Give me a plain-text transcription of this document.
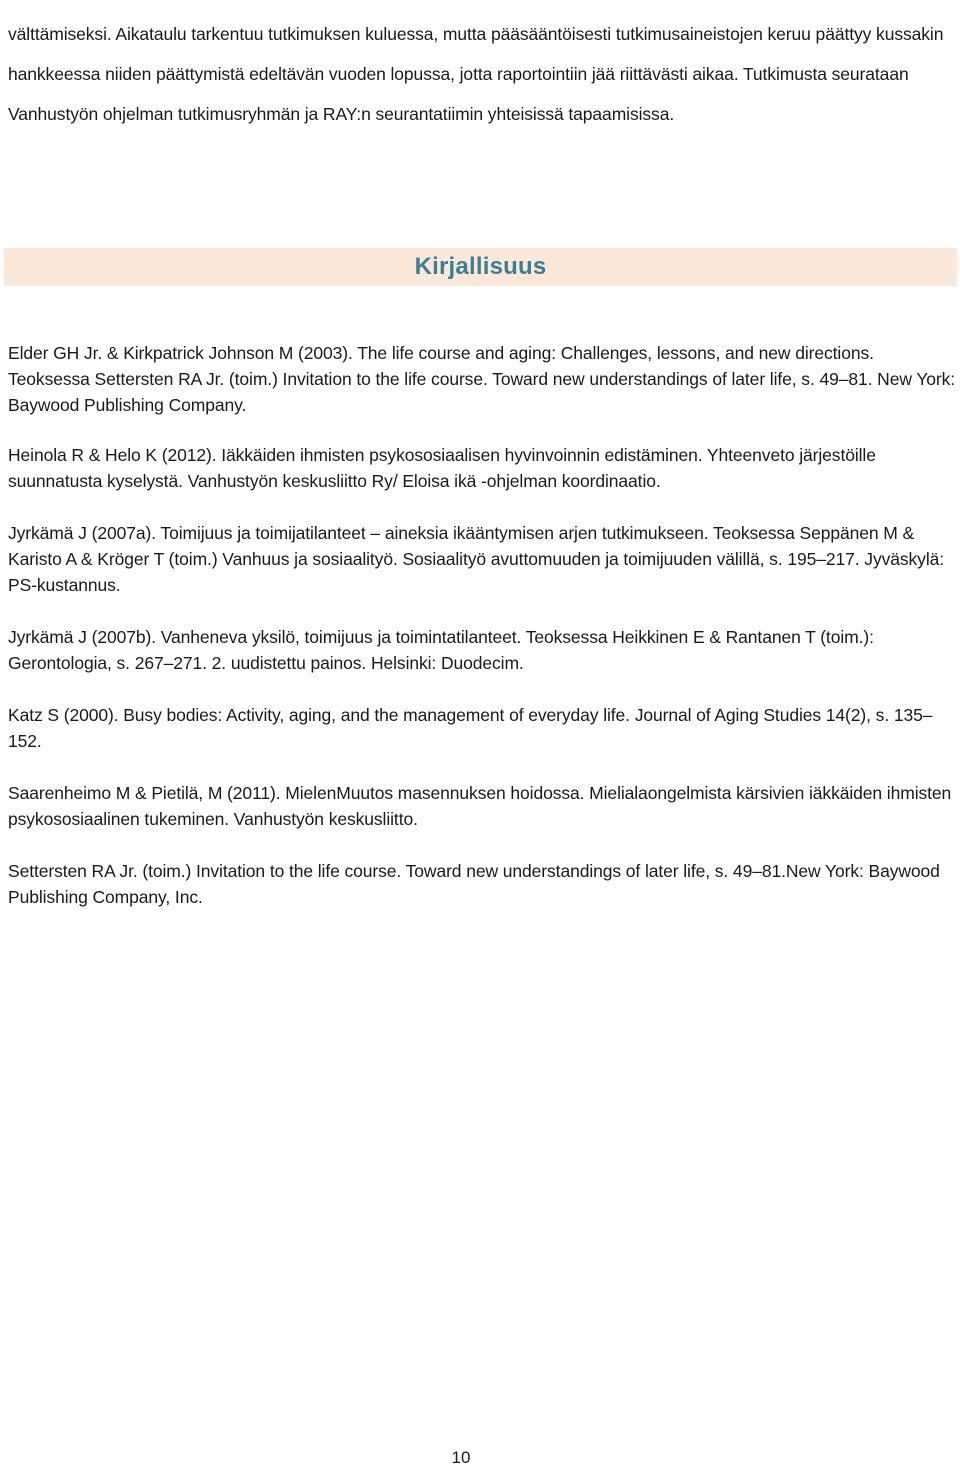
välttämiseksi. Aikataulu tarkentuu tutkimuksen kuluessa, mutta pääsääntöisesti tutkimusaineistojen keruu päättyy kussakin hankkeessa niiden päättymistä edeltävän vuoden lopussa, jotta raportointiin jää riittävästi aikaa. Tutkimusta seurataan Vanhustyön ohjelman tutkimusryhmän ja RAY:n seurantatiimin yhteisissä tapaamisissa.

Kirjallisuus

Elder GH Jr. & Kirkpatrick Johnson M (2003). The life course and aging: Challenges, lessons, and new directions. Teoksessa Settersten RA Jr. (toim.) Invitation to the life course. Toward new understandings of later life, s. 49–81. New York: Baywood Publishing Company.

Heinola R & Helo K (2012). Iäkkäiden ihmisten psykososiaalisen hyvinvoinnin edistäminen. Yhteenveto järjestöille suunnatusta kyselystä. Vanhustyön keskusliitto Ry/ Eloisa ikä -ohjelman koordinaatio.

Jyrkämä J (2007a). Toimijuus ja toimijatilanteet – aineksia ikääntymisen arjen tutkimukseen. Teoksessa Seppänen M & Karisto A & Kröger T (toim.) Vanhuus ja sosiaalityö. Sosiaalityö avuttomuuden ja toimijuuden välillä, s. 195–217. Jyväskylä: PS-kustannus.

Jyrkämä J (2007b). Vanheneva yksilö, toimijuus ja toimintatilanteet. Teoksessa Heikkinen E & Rantanen T (toim.): Gerontologia, s. 267–271. 2. uudistettu painos. Helsinki: Duodecim.

Katz S (2000). Busy bodies: Activity, aging, and the management of everyday life. Journal of Aging Studies 14(2), s. 135–152.

Saarenheimo M & Pietilä, M (2011). MielenMuutos masennuksen hoidossa. Mielialaongelmista kärsivien iäkkäiden ihmisten psykososiaalinen tukeminen. Vanhustyön keskusliitto.

Settersten RA Jr. (toim.) Invitation to the life course. Toward new understandings of later life, s. 49–81.New York: Baywood Publishing Company, Inc.

10
